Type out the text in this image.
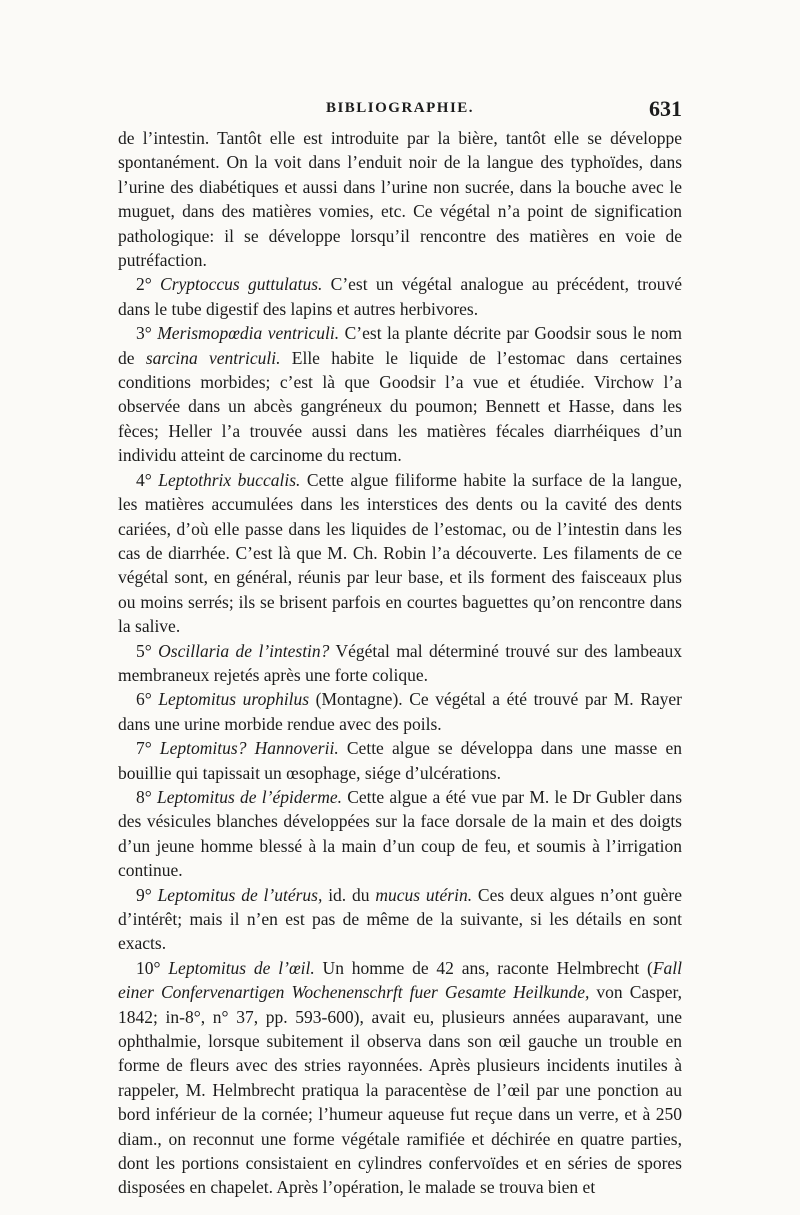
BIBLIOGRAPHIE.	631

de l’intestin. Tantôt elle est introduite par la bière, tantôt elle se développe spontanément. On la voit dans l’enduit noir de la langue des typhoïdes, dans l’urine des diabétiques et aussi dans l’urine non sucrée, dans la bouche avec le muguet, dans des matières vomies, etc. Ce végétal n’a point de signification pathologique: il se développe lorsqu’il rencontre des matières en voie de putréfaction.

2° Cryptoccus guttulatus. C’est un végétal analogue au précédent, trouvé dans le tube digestif des lapins et autres herbivores.

3° Merismopœdia ventriculi. C’est la plante décrite par Goodsir sous le nom de sarcina ventriculi. Elle habite le liquide de l’estomac dans certaines conditions morbides; c’est là que Goodsir l’a vue et étudiée. Virchow l’a observée dans un abcès gangréneux du poumon; Bennett et Hasse, dans les fèces; Heller l’a trouvée aussi dans les matières fécales diarrhéiques d’un individu atteint de carcinome du rectum.

4° Leptothrix buccalis. Cette algue filiforme habite la surface de la langue, les matières accumulées dans les interstices des dents ou la cavité des dents cariées, d’où elle passe dans les liquides de l’estomac, ou de l’intestin dans les cas de diarrhée. C’est là que M. Ch. Robin l’a découverte. Les filaments de ce végétal sont, en général, réunis par leur base, et ils forment des faisceaux plus ou moins serrés; ils se brisent parfois en courtes baguettes qu’on rencontre dans la salive.

5° Oscillaria de l’intestin? Végétal mal déterminé trouvé sur des lambeaux membraneux rejetés après une forte colique.

6° Leptomitus urophilus (Montagne). Ce végétal a été trouvé par M. Rayer dans une urine morbide rendue avec des poils.

7° Leptomitus? Hannoverii. Cette algue se développa dans une masse en bouillie qui tapissait un œsophage, siége d’ulcérations.

8° Leptomitus de l’épiderme. Cette algue a été vue par M. le Dr Gubler dans des vésicules blanches développées sur la face dorsale de la main et des doigts d’un jeune homme blessé à la main d’un coup de feu, et soumis à l’irrigation continue.

9° Leptomitus de l’utérus, id. du mucus utérin. Ces deux algues n’ont guère d’intérêt; mais il n’en est pas de même de la suivante, si les détails en sont exacts.

10° Leptomitus de l’œil. Un homme de 42 ans, raconte Helmbrecht (Fall einer Confervenartigen Wochenenschrft fuer Gesamte Heilkunde, von Casper, 1842; in-8°, n° 37, pp. 593-600), avait eu, plusieurs années auparavant, une ophthalmie, lorsque subitement il observa dans son œil gauche un trouble en forme de fleurs avec des stries rayonnées. Après plusieurs incidents inutiles à rappeler, M. Helmbrecht pratiqua la paracentèse de l’œil par une ponction au bord inférieur de la cornée; l’humeur aqueuse fut reçue dans un verre, et à 250 diam., on reconnut une forme végétale ramifiée et déchirée en quatre parties, dont les portions consistaient en cylindres confervoïdes et en séries de spores disposées en chapelet. Après l’opération, le malade se trouva bien et
